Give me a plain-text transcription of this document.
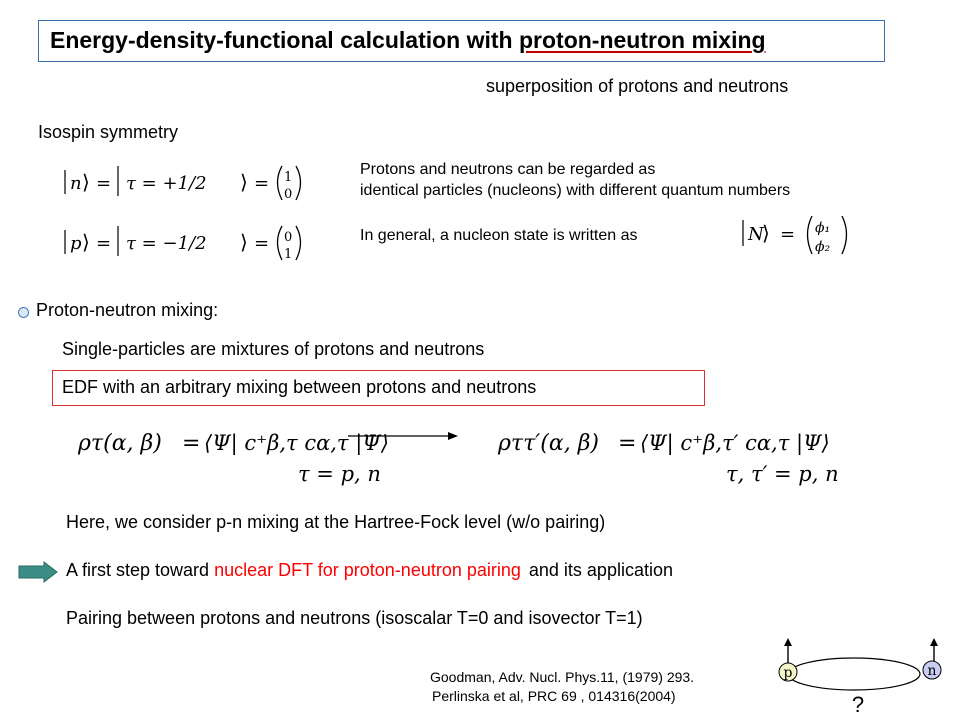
Energy-density-functional calculation with proton-neutron mixing
superposition of protons and neutrons
Isospin symmetry
n ⟩ = τ = +1/2 ⟩ = 1
0
p ⟩ = τ = −1/2 ⟩ = 0
1
Protons and neutrons can be regarded as
identical particles (nucleons) with different quantum numbers
In general, a nucleon state is written as	N
⟩ = ϕ₁
ϕ₂
Proton-neutron mixing:
Single-particles are mixtures of protons and neutrons
EDF with an arbitrary mixing between protons and neutrons
ρτ(α, β) = ⟨Ψ| c⁺β,τ cα,τ |Ψ⟩
τ = p, n
ρττ′(α, β) = ⟨Ψ| c⁺β,τ′ cα,τ |Ψ⟩
τ, τ′ = p, n
Here, we consider p-n mixing at the Hartree-Fock level (w/o pairing)
A first step toward nuclear DFT for proton-neutron pairing and its application
Pairing between protons and neutrons (isoscalar T=0 and isovector T=1)
Goodman, Adv. Nucl. Phys.11, (1979) 293.
Perlinska et al, PRC 69 , 014316(2004)
p	n
?
